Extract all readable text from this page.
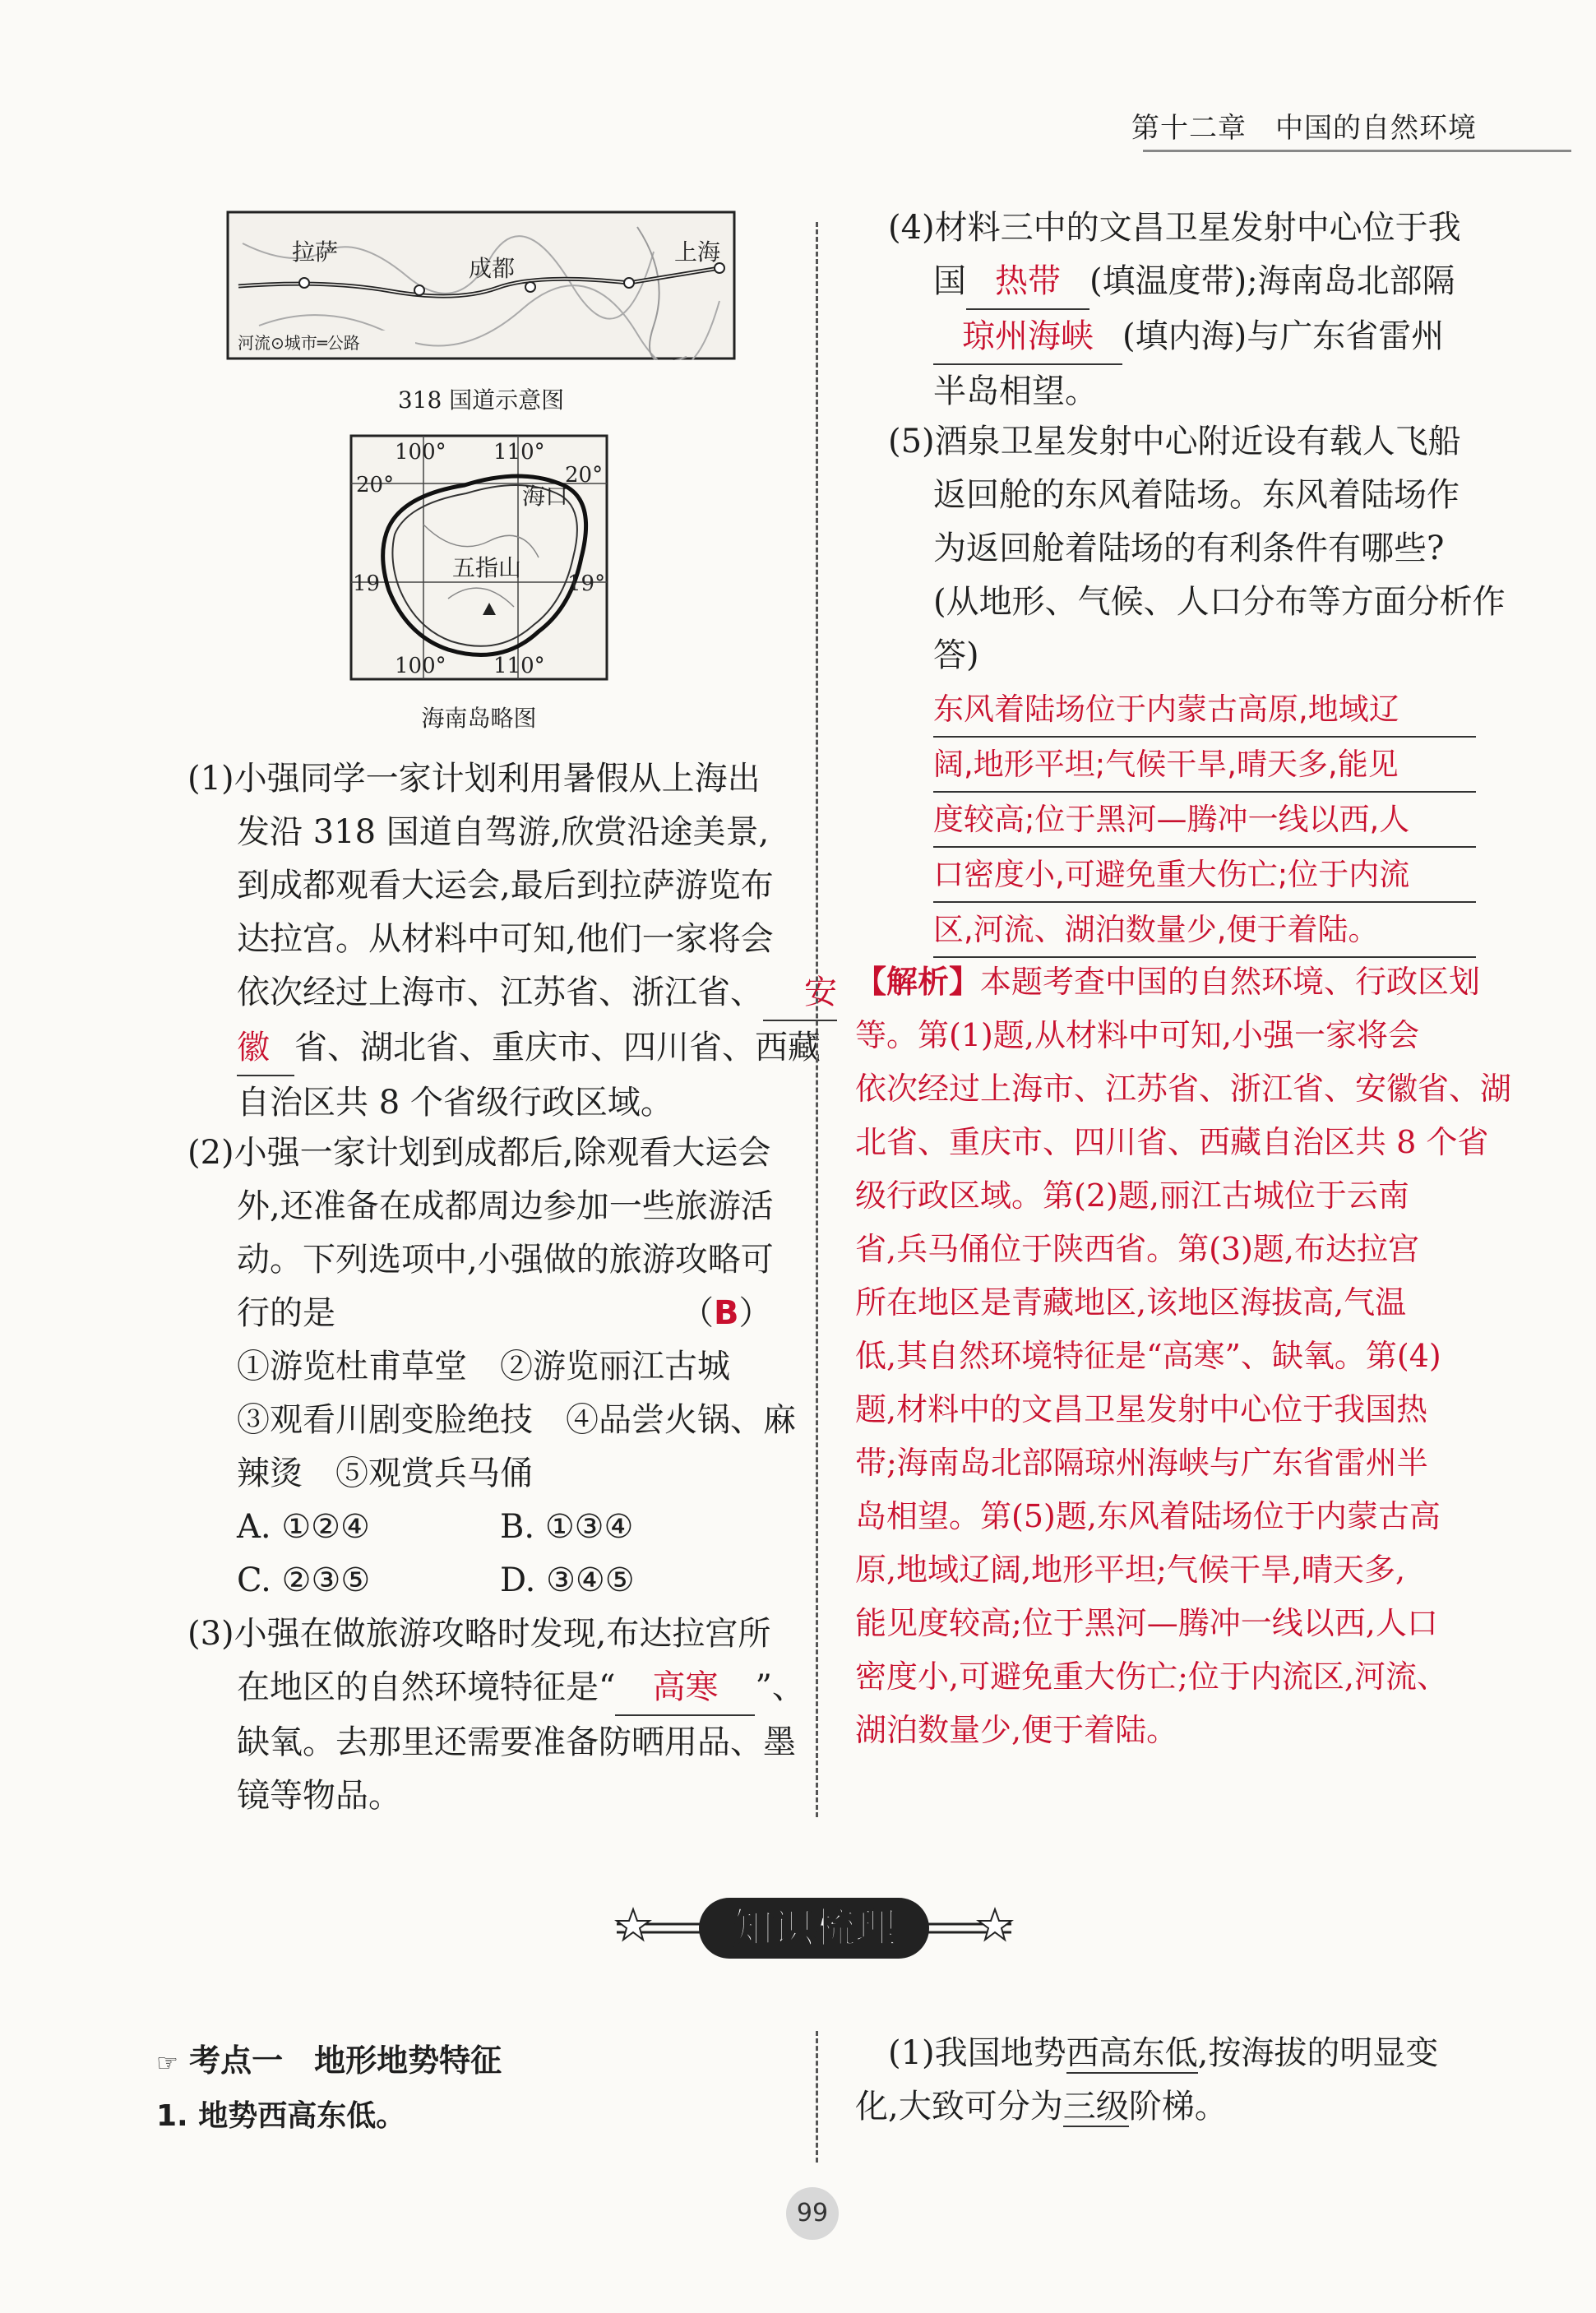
第十二章　中国的自然环境
拉萨
成都
上海
河流⊙城市═公路
318 国道示意图
100° 110°
100° 110°
20°	20°
19	19°
海口
五指山
海南岛略图
(1)小强同学一家计划利用暑假从上海出
发沿 318 国道自驾游,欣赏沿途美景,
到成都观看大运会,最后到拉萨游览布
达拉宫。从材料中可知,他们一家将会
依次经过上海市、江苏省、浙江省、 安
徽 省、湖北省、重庆市、四川省、西藏
自治区共 8 个省级行政区域。
(2)小强一家计划到成都后,除观看大运会
外,还准备在成都周边参加一些旅游活
动。下列选项中,小强做的旅游攻略可
行的是	（B）
①游览杜甫草堂　②游览丽江古城
③观看川剧变脸绝技　④品尝火锅、麻
辣烫　⑤观赏兵马俑
A. ①②④	B. ①③④
C. ②③⑤	D. ③④⑤
(3)小强在做旅游攻略时发现,布达拉宫所
在地区的自然环境特征是“ 高寒 ”、
缺氧。去那里还需要准备防晒用品、墨
镜等物品。
(4)材料三中的文昌卫星发射中心位于我
国 热带 (填温度带);海南岛北部隔
琼州海峡 (填内海)与广东省雷州
半岛相望。
(5)酒泉卫星发射中心附近设有载人飞船
返回舱的东风着陆场。东风着陆场作
为返回舱着陆场的有利条件有哪些?
(从地形、气候、人口分布等方面分析作
答)
东风着陆场位于内蒙古高原,地域辽
阔,地形平坦;气候干旱,晴天多,能见
度较高;位于黑河—腾冲一线以西,人
口密度小,可避免重大伤亡;位于内流
区,河流、湖泊数量少,便于着陆。
【解析】本题考查中国的自然环境、行政区划
等。第(1)题,从材料中可知,小强一家将会
依次经过上海市、江苏省、浙江省、安徽省、湖
北省、重庆市、四川省、西藏自治区共 8 个省
级行政区域。第(2)题,丽江古城位于云南
省,兵马俑位于陕西省。第(3)题,布达拉宫
所在地区是青藏地区,该地区海拔高,气温
低,其自然环境特征是“高寒”、缺氧。第(4)
题,材料中的文昌卫星发射中心位于我国热
带;海南岛北部隔琼州海峡与广东省雷州半
岛相望。第(5)题,东风着陆场位于内蒙古高
原,地域辽阔,地形平坦;气候干旱,晴天多,
能见度较高;位于黑河—腾冲一线以西,人口
密度小,可避免重大伤亡;位于内流区,河流、
湖泊数量少,便于着陆。
知识梳理
☞ 考点一　地形地势特征
1. 地势西高东低。
(1)我国地势西高东低,按海拔的明显变
化,大致可分为三级阶梯。
99
